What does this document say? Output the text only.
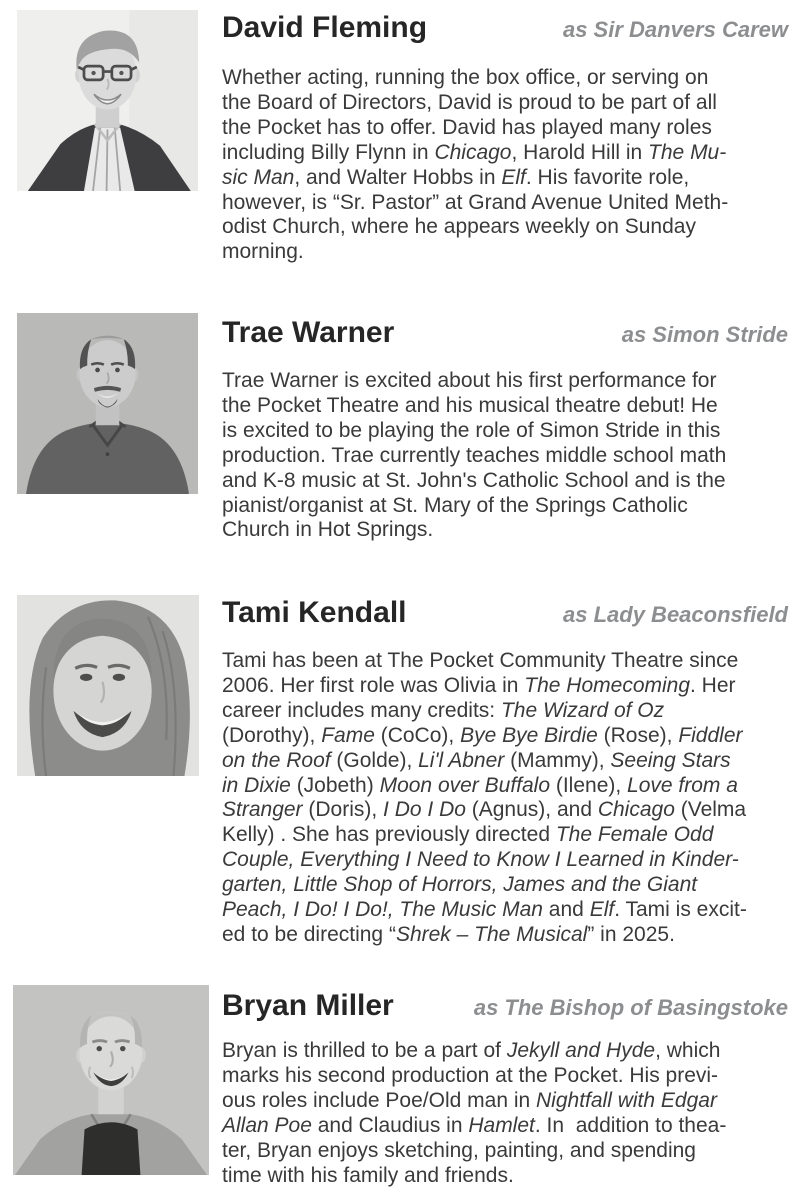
David Fleming	as Sir Danvers Carew

Whether acting, running the box office, or serving on
the Board of Directors, David is proud to be part of all
the Pocket has to offer. David has played many roles
including Billy Flynn in Chicago, Harold Hill in The Mu-
sic Man, and Walter Hobbs in Elf. His favorite role,
however, is “Sr. Pastor” at Grand Avenue United Meth-
odist Church, where he appears weekly on Sunday
morning.

Trae Warner	as Simon Stride

Trae Warner is excited about his first performance for
the Pocket Theatre and his musical theatre debut! He
is excited to be playing the role of Simon Stride in this
production. Trae currently teaches middle school math
and K-8 music at St. John's Catholic School and is the
pianist/organist at St. Mary of the Springs Catholic
Church in Hot Springs.

Tami Kendall	as Lady Beaconsfield

Tami has been at The Pocket Community Theatre since
2006. Her first role was Olivia in The Homecoming. Her
career includes many credits: The Wizard of Oz
(Dorothy), Fame (CoCo), Bye Bye Birdie (Rose), Fiddler
on the Roof (Golde), Li'l Abner (Mammy), Seeing Stars
in Dixie (Jobeth) Moon over Buffalo (Ilene), Love from a
Stranger (Doris), I Do I Do (Agnus), and Chicago (Velma
Kelly) . She has previously directed The Female Odd
Couple, Everything I Need to Know I Learned in Kinder-
garten, Little Shop of Horrors, James and the Giant
Peach, I Do! I Do!, The Music Man and Elf. Tami is excit-
ed to be directing “Shrek – The Musical” in 2025.

Bryan Miller	as The Bishop of Basingstoke

Bryan is thrilled to be a part of Jekyll and Hyde, which
marks his second production at the Pocket. His previ-
ous roles include Poe/Old man in Nightfall with Edgar
Allan Poe and Claudius in Hamlet. In  addition to thea-
ter, Bryan enjoys sketching, painting, and spending
time with his family and friends.
